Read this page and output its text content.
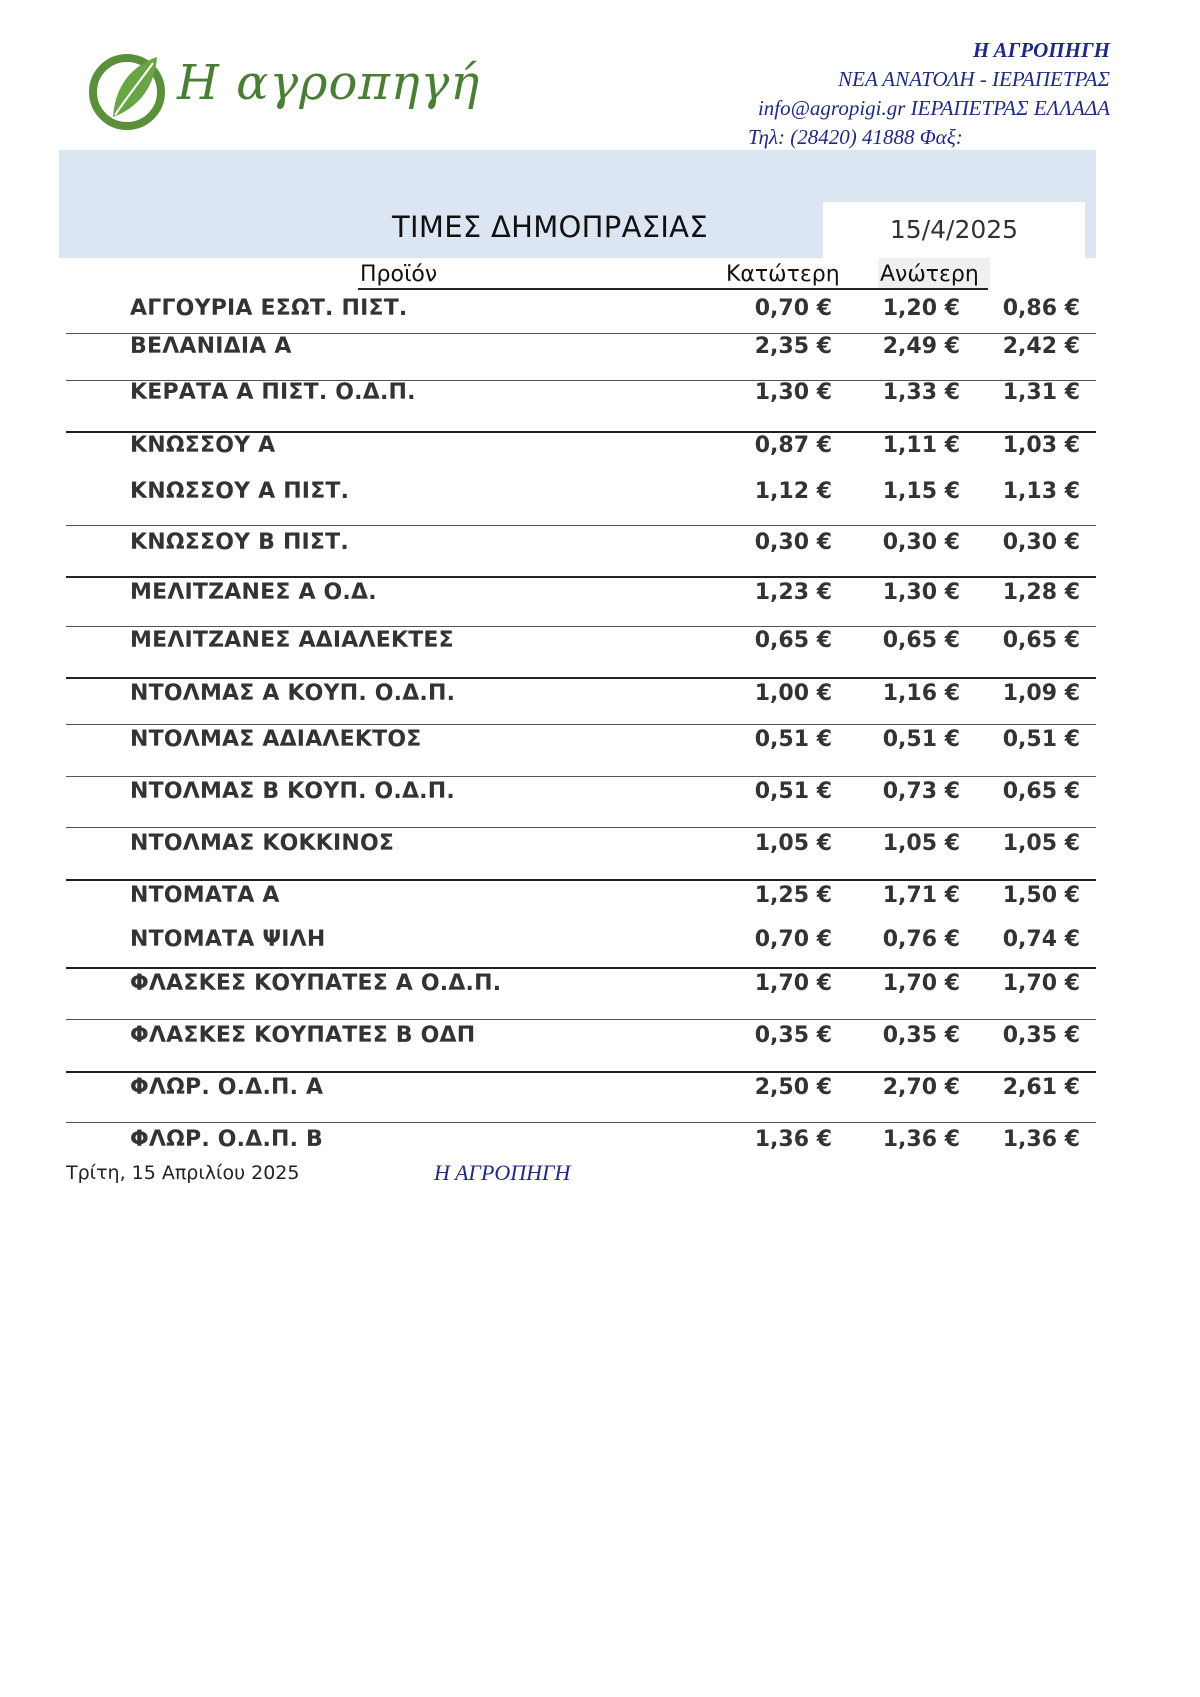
Η αγροπηγή
Η ΑΓΡΟΠΗΓΗ
ΝΕΑ ΑΝΑΤΟΛΗ - ΙΕΡΑΠΕΤΡΑΣ
info@agropigi.gr ΙΕΡΑΠΕΤΡΑΣ ΕΛΛΑΔΑ
Τηλ: (28420) 41888 Φαξ:
ΤΙΜΕΣ ΔΗΜΟΠΡΑΣΙΑΣ	15/4/2025
Προϊόν	Κατώτερη Ανώτερη
ΑΓΓΟΥΡΙΑ ΕΣΩΤ. ΠΙΣΤ.	0,70 €	1,20 €	0,86 €
ΒΕΛΑΝΙΔΙΑ Α	2,35 €	2,49 €	2,42 €
ΚΕΡΑΤΑ Α ΠΙΣΤ. Ο.Δ.Π.	1,30 €	1,33 €	1,31 €
ΚΝΩΣΣΟΥ Α	0,87 €	1,11 €	1,03 €
ΚΝΩΣΣΟΥ Α ΠΙΣΤ.	1,12 €	1,15 €	1,13 €
ΚΝΩΣΣΟΥ Β ΠΙΣΤ.	0,30 €	0,30 €	0,30 €
ΜΕΛΙΤΖΑΝΕΣ Α Ο.Δ.	1,23 €	1,30 €	1,28 €
ΜΕΛΙΤΖΑΝΕΣ ΑΔΙΑΛΕΚΤΕΣ	0,65 €	0,65 €	0,65 €
ΝΤΟΛΜΑΣ Α ΚΟΥΠ. Ο.Δ.Π.	1,00 €	1,16 €	1,09 €
ΝΤΟΛΜΑΣ ΑΔΙΑΛΕΚΤΟΣ	0,51 €	0,51 €	0,51 €
ΝΤΟΛΜΑΣ Β ΚΟΥΠ. Ο.Δ.Π.	0,51 €	0,73 €	0,65 €
ΝΤΟΛΜΑΣ ΚΟΚΚΙΝΟΣ	1,05 €	1,05 €	1,05 €
ΝΤΟΜΑΤΑ Α	1,25 €	1,71 €	1,50 €
ΝΤΟΜΑΤΑ ΨΙΛΗ	0,70 €	0,76 €	0,74 €
ΦΛΑΣΚΕΣ ΚΟΥΠΑΤΕΣ Α Ο.Δ.Π.	1,70 €	1,70 €	1,70 €
ΦΛΑΣΚΕΣ ΚΟΥΠΑΤΕΣ Β ΟΔΠ	0,35 €	0,35 €	0,35 €
ΦΛΩΡ. Ο.Δ.Π. Α	2,50 €	2,70 €	2,61 €
ΦΛΩΡ. Ο.Δ.Π. Β	1,36 €	1,36 €	1,36 €
Τρίτη, 15 Απριλίου 2025	Η ΑΓΡΟΠΗΓΗ
